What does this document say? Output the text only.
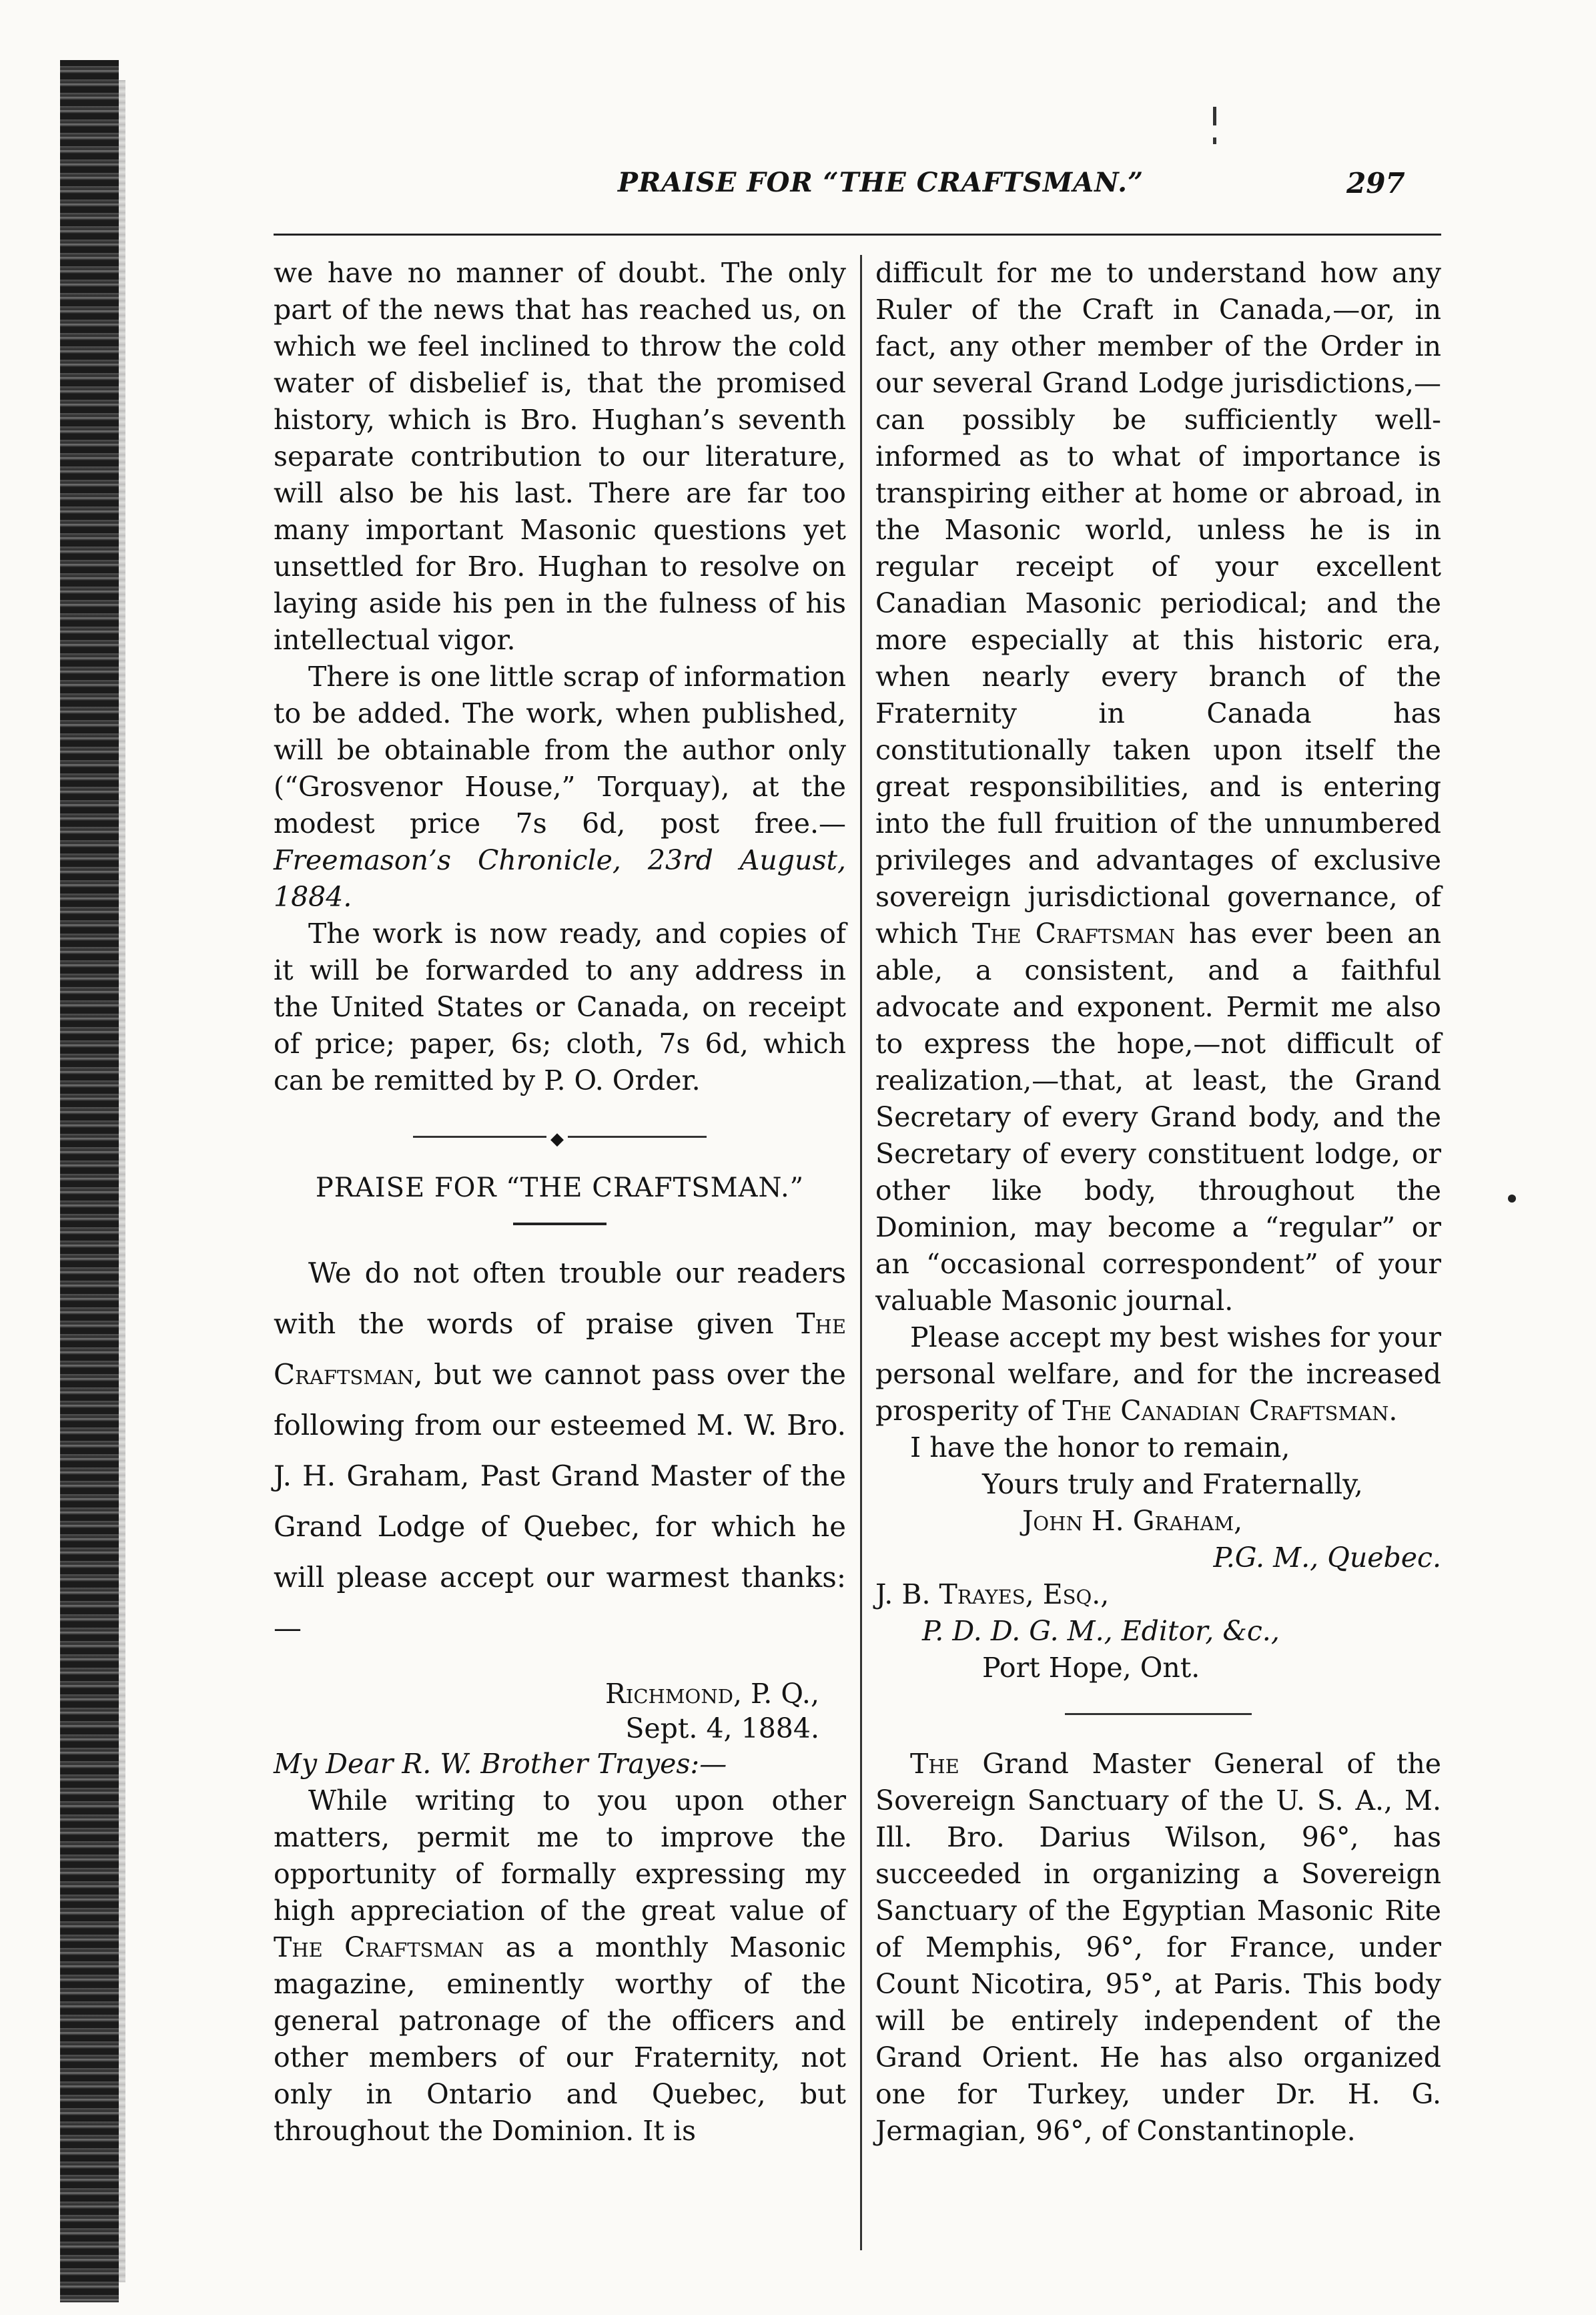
PRAISE FOR “THE CRAFTSMAN.”	297

we have no manner of doubt. The only part of the news that has reached us, on which we feel inclined to throw the cold water of disbelief is, that the promised history, which is Bro. Hughan’s seventh separate contribution to our literature, will also be his last. There are far too many important Masonic questions yet unsettled for Bro. Hughan to resolve on laying aside his pen in the fulness of his intellectual vigor.

There is one little scrap of information to be added. The work, when published, will be obtainable from the author only (“Grosvenor House,” Torquay), at the modest price 7s 6d, post free.—Freemason’s Chronicle, 23rd August, 1884.

The work is now ready, and copies of it will be forwarded to any address in the United States or Canada, on receipt of price; paper, 6s; cloth, 7s 6d, which can be remitted by P. O. Order.

◆

PRAISE FOR “THE CRAFTSMAN.”

We do not often trouble our readers with the words of praise given The Craftsman, but we cannot pass over the following from our esteemed M. W. Bro. J. H. Graham, Past Grand Master of the Grand Lodge of Quebec, for which he will please accept our warmest thanks:—

Richmond, P. Q.,

Sept. 4, 1884.

My Dear R. W. Brother Trayes:—

While writing to you upon other matters, permit me to improve the opportunity of formally expressing my high appreciation of the great value of The Craftsman as a monthly Masonic magazine, eminently worthy of the general patronage of the officers and other members of our Fraternity, not only in Ontario and Quebec, but throughout the Dominion. It is

difficult for me to understand how any Ruler of the Craft in Canada,—or, in fact, any other member of the Order in our several Grand Lodge jurisdictions,—can possibly be sufficiently well-informed as to what of importance is transpiring either at home or abroad, in the Masonic world, unless he is in regular receipt of your excellent Canadian Masonic periodical; and the more especially at this historic era, when nearly every branch of the Fraternity in Canada has constitutionally taken upon itself the great responsibilities, and is entering into the full fruition of the unnumbered privileges and advantages of exclusive sovereign jurisdictional governance, of which The Craftsman has ever been an able, a consistent, and a faithful advocate and exponent. Permit me also to express the hope,—not difficult of realization,—that, at least, the Grand Secretary of every Grand body, and the Secretary of every constituent lodge, or other like body, throughout the Dominion, may become a “regular” or an “occasional correspondent” of your valuable Masonic journal.

Please accept my best wishes for your personal welfare, and for the increased prosperity of The Canadian Craftsman.

I have the honor to remain,

Yours truly and Fraternally,

John H. Graham,

P.G. M., Quebec.

J. B. Trayes, Esq.,

P. D. D. G. M., Editor, &c.,

Port Hope, Ont.

The Grand Master General of the Sovereign Sanctuary of the U. S. A., M. Ill. Bro. Darius Wilson, 96°, has succeeded in organizing a Sovereign Sanctuary of the Egyptian Masonic Rite of Memphis, 96°, for France, under Count Nicotira, 95°, at Paris. This body will be entirely independent of the Grand Orient. He has also organized one for Turkey, under Dr. H. G. Jermagian, 96°, of Constantinople.
